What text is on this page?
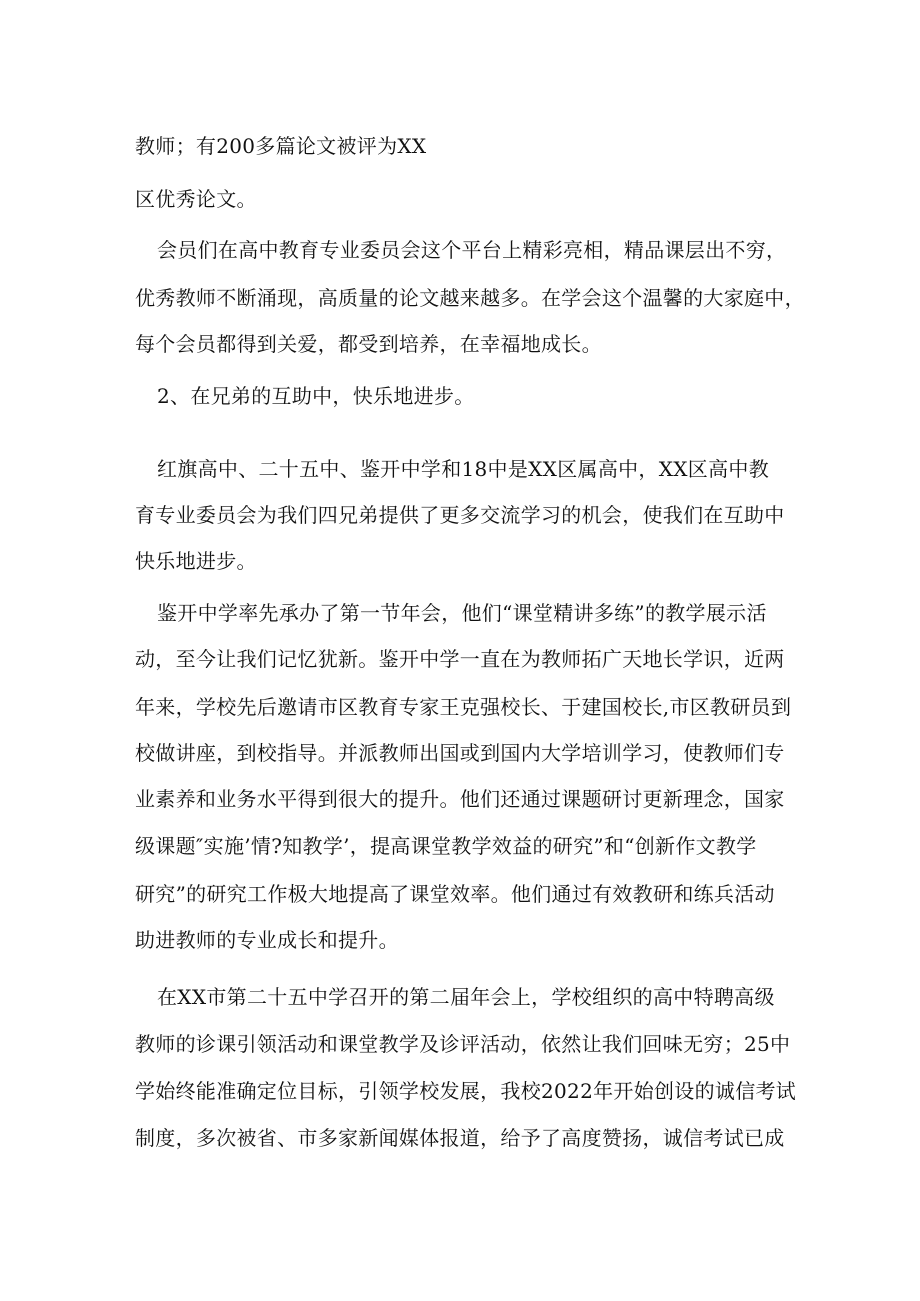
教师；有200多篇论文被评为XX
区优秀论文。
会员们在高中教育专业委员会这个平台上精彩亮相，精品课层出不穷，
优秀教师不断涌现，高质量的论文越来越多。在学会这个温馨的大家庭中，
每个会员都得到关爱，都受到培养，在幸福地成长。
2、在兄弟的互助中，快乐地进步。
红旗高中、二十五中、鉴开中学和18中是XX区属高中，XX区高中教
育专业委员会为我们四兄弟提供了更多交流学习的机会，使我们在互助中
快乐地进步。
鉴开中学率先承办了第一节年会，他们“课堂精讲多练”的教学展示活
动，至今让我们记忆犹新。鉴开中学一直在为教师拓广天地长学识，近两
年来，学校先后邀请市区教育专家王克强校长、于建国校长,市区教研员到
校做讲座，到校指导。并派教师出国或到国内大学培训学习，使教师们专
业素养和业务水平得到很大的提升。他们还通过课题研讨更新理念，国家
级课题″实施’情?知教学’，提高课堂教学效益的研究”和“创新作文教学
研究”的研究工作极大地提高了课堂效率。他们通过有效教研和练兵活动
助进教师的专业成长和提升。
在XX市第二十五中学召开的第二届年会上，学校组织的高中特聘高级
教师的诊课引领活动和课堂教学及诊评活动，依然让我们回味无穷；25中
学始终能准确定位目标，引领学校发展，我校2022年开始创设的诚信考试
制度，多次被省、市多家新闻媒体报道，给予了高度赞扬，诚信考试已成
